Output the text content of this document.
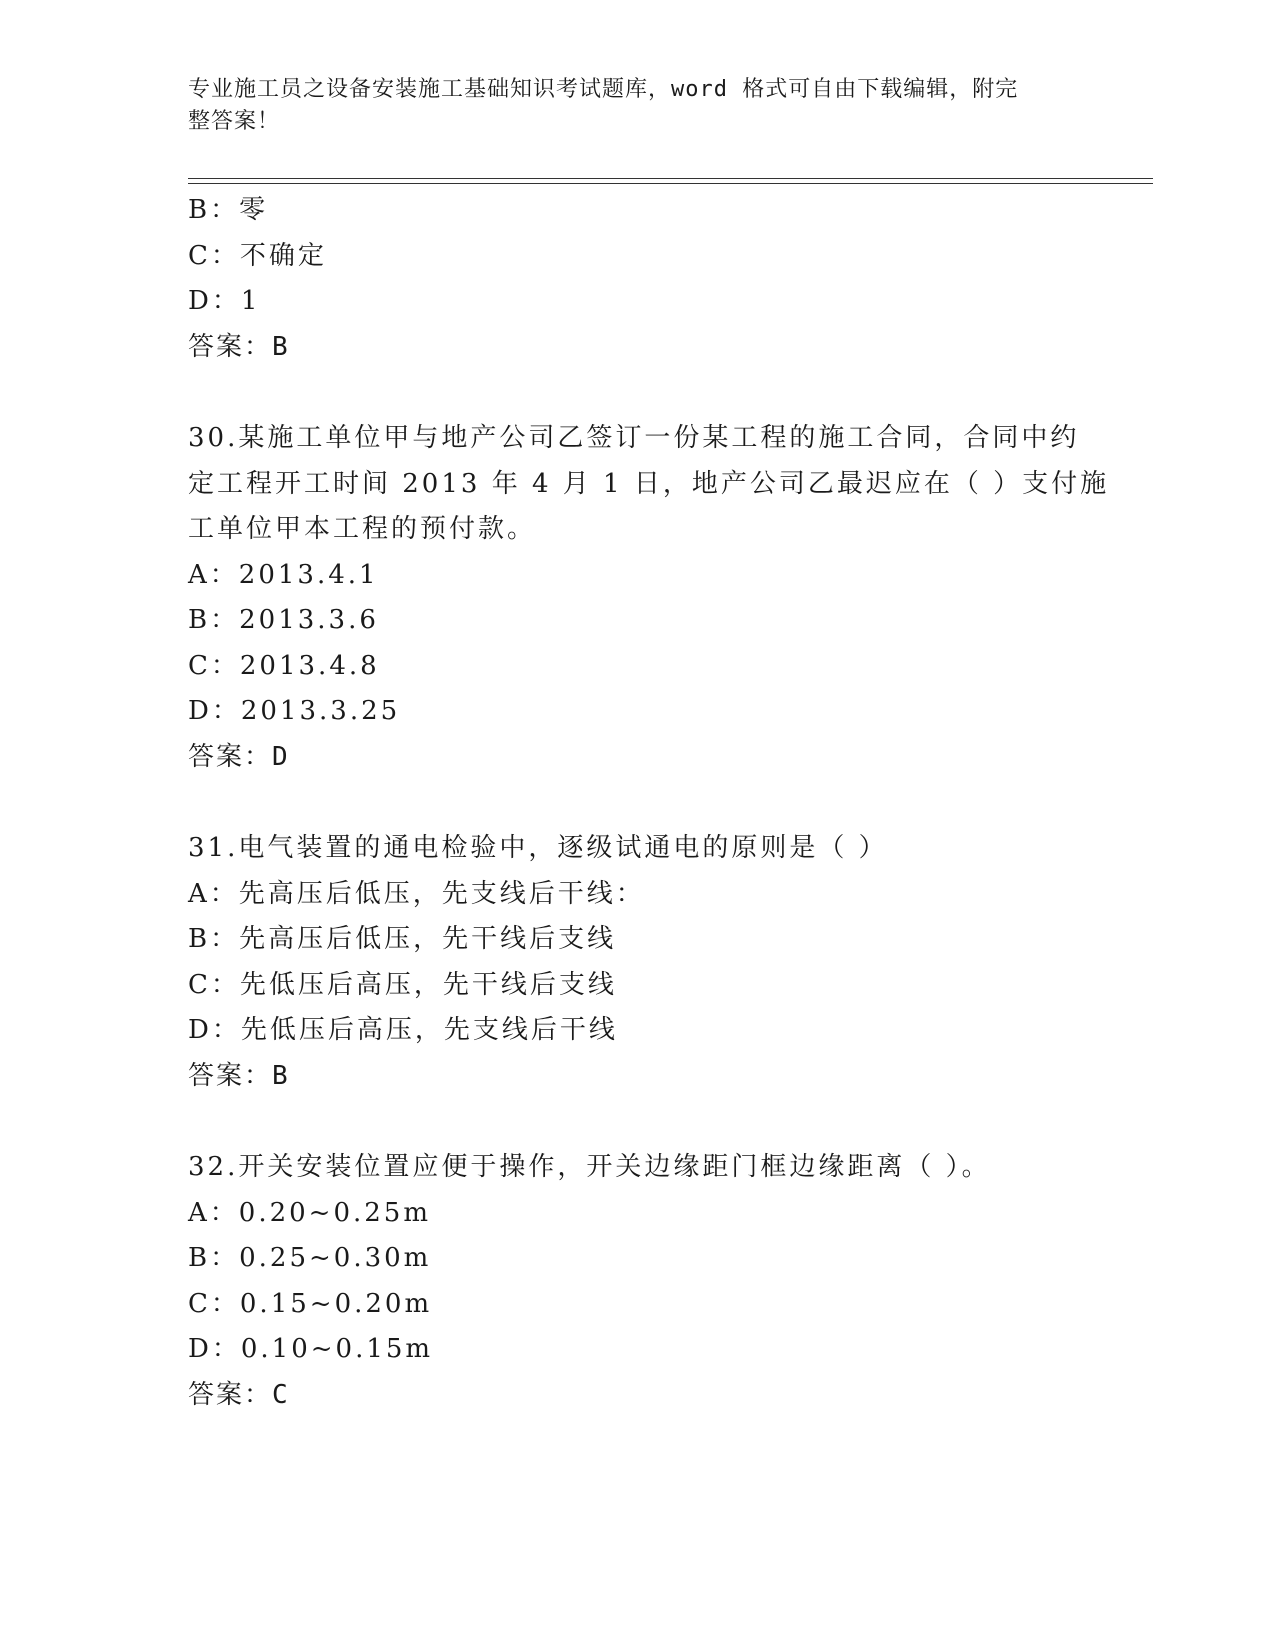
专业施工员之设备安装施工基础知识考试题库，word 格式可自由下载编辑，附完
整答案！
B：零
C：不确定
D：1
答案：B
30.某施工单位甲与地产公司乙签订一份某工程的施工合同，合同中约
定工程开工时间 2013 年 4 月 1 日，地产公司乙最迟应在（ ）支付施
工单位甲本工程的预付款。
A：2013.4.1
B：2013.3.6
C：2013.4.8
D：2013.3.25
答案：D
31.电气装置的通电检验中，逐级试通电的原则是（ ）
A：先高压后低压，先支线后干线：
B：先高压后低压，先干线后支线
C：先低压后高压，先干线后支线
D：先低压后高压，先支线后干线
答案：B
32.开关安装位置应便于操作，开关边缘距门框边缘距离（ ）。
A：0.20~0.25m
B：0.25~0.30m
C：0.15~0.20m
D：0.10~0.15m
答案：C
